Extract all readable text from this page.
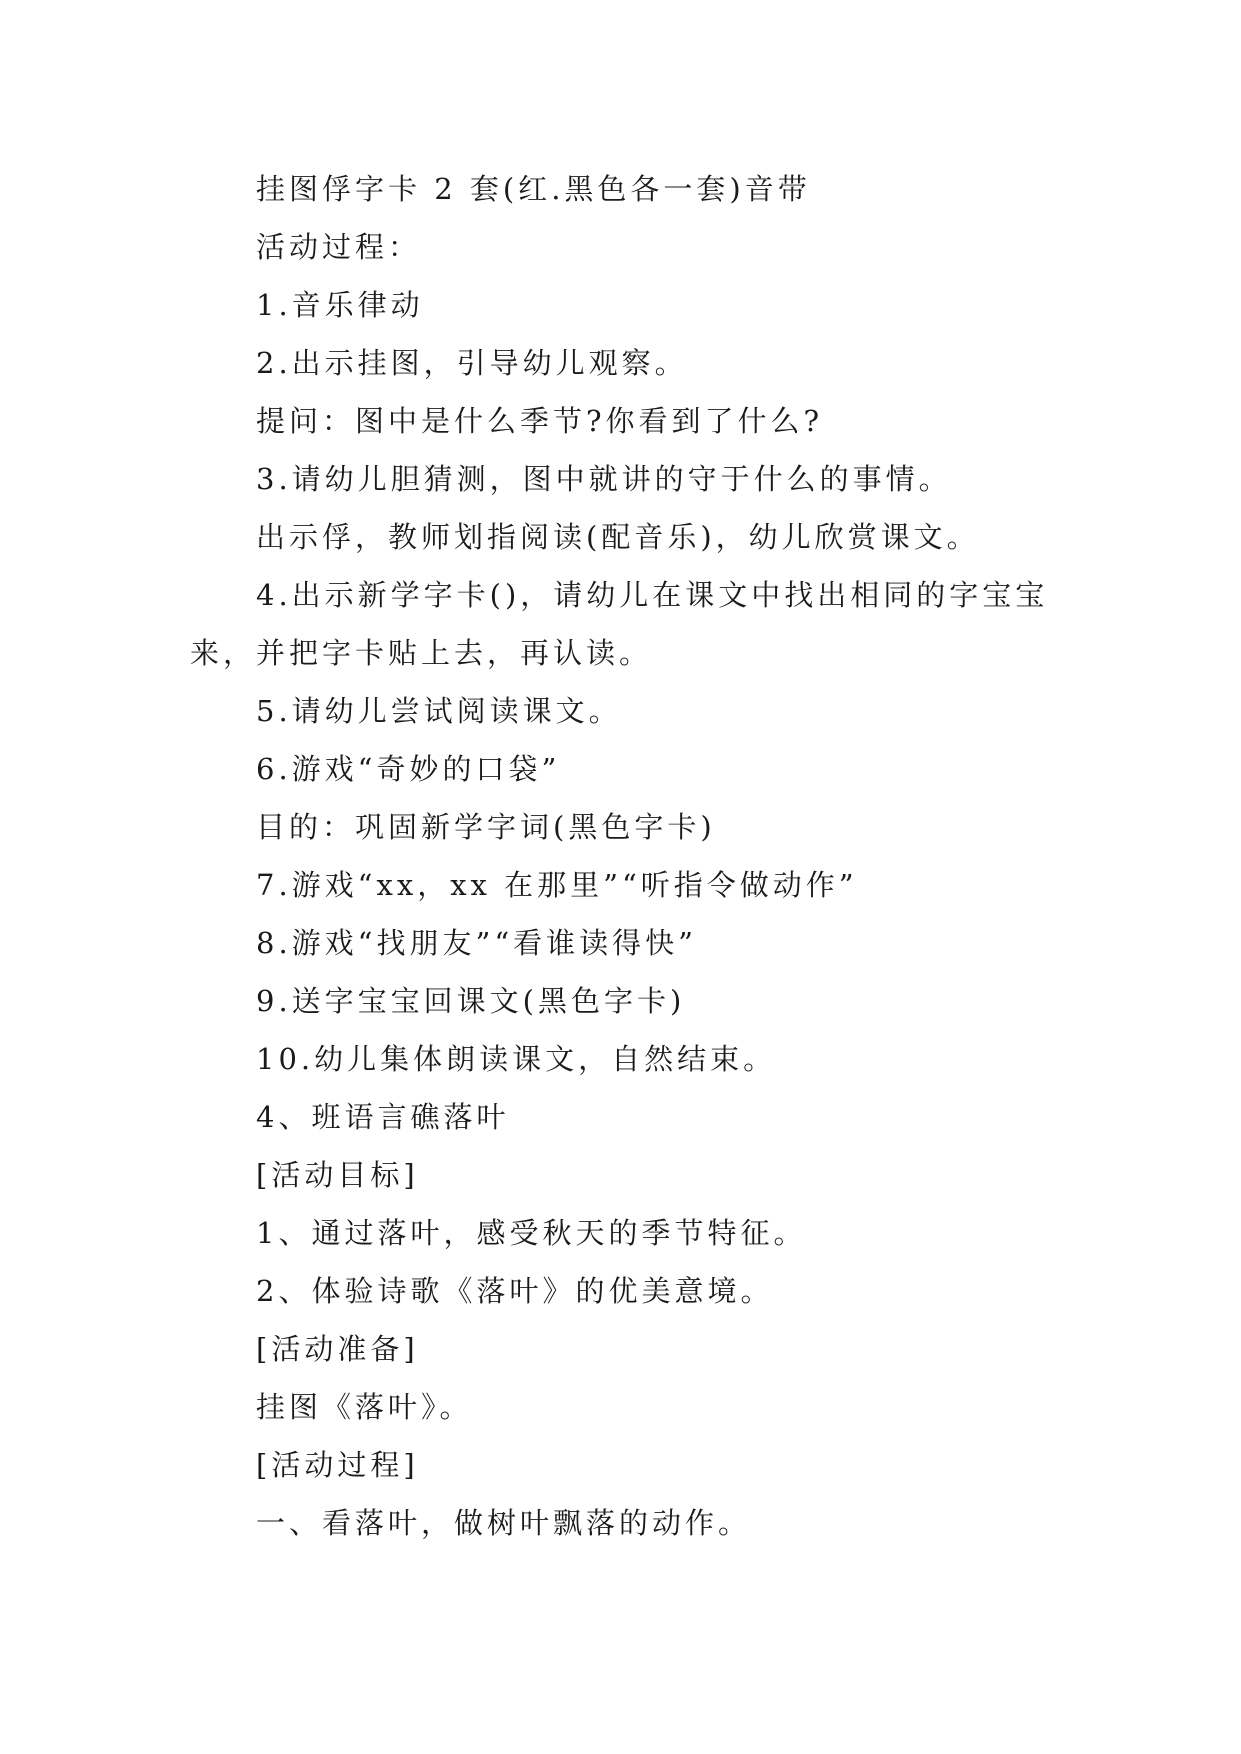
挂图俘字卡 2 套(红.黑色各一套)音带
活动过程：
1.音乐律动
2.出示挂图，引导幼儿观察。
提问：图中是什么季节?你看到了什么?
3.请幼儿胆猜测，图中就讲的守于什么的事情。
出示俘，教师划指阅读(配音乐)，幼儿欣赏课文。
4.出示新学字卡()，请幼儿在课文中找出相同的字宝宝
来，并把字卡贴上去，再认读。
5.请幼儿尝试阅读课文。
6.游戏“奇妙的口袋”
目的：巩固新学字词(黑色字卡)
7.游戏“xx，xx 在那里”“听指令做动作”
8.游戏“找朋友”“看谁读得快”
9.送字宝宝回课文(黑色字卡)
10.幼儿集体朗读课文，自然结束。
4、班语言礁落叶
[活动目标]
1、通过落叶，感受秋天的季节特征。
2、体验诗歌《落叶》的优美意境。
[活动准备]
挂图《落叶》。
[活动过程]
一、看落叶，做树叶飘落的动作。
